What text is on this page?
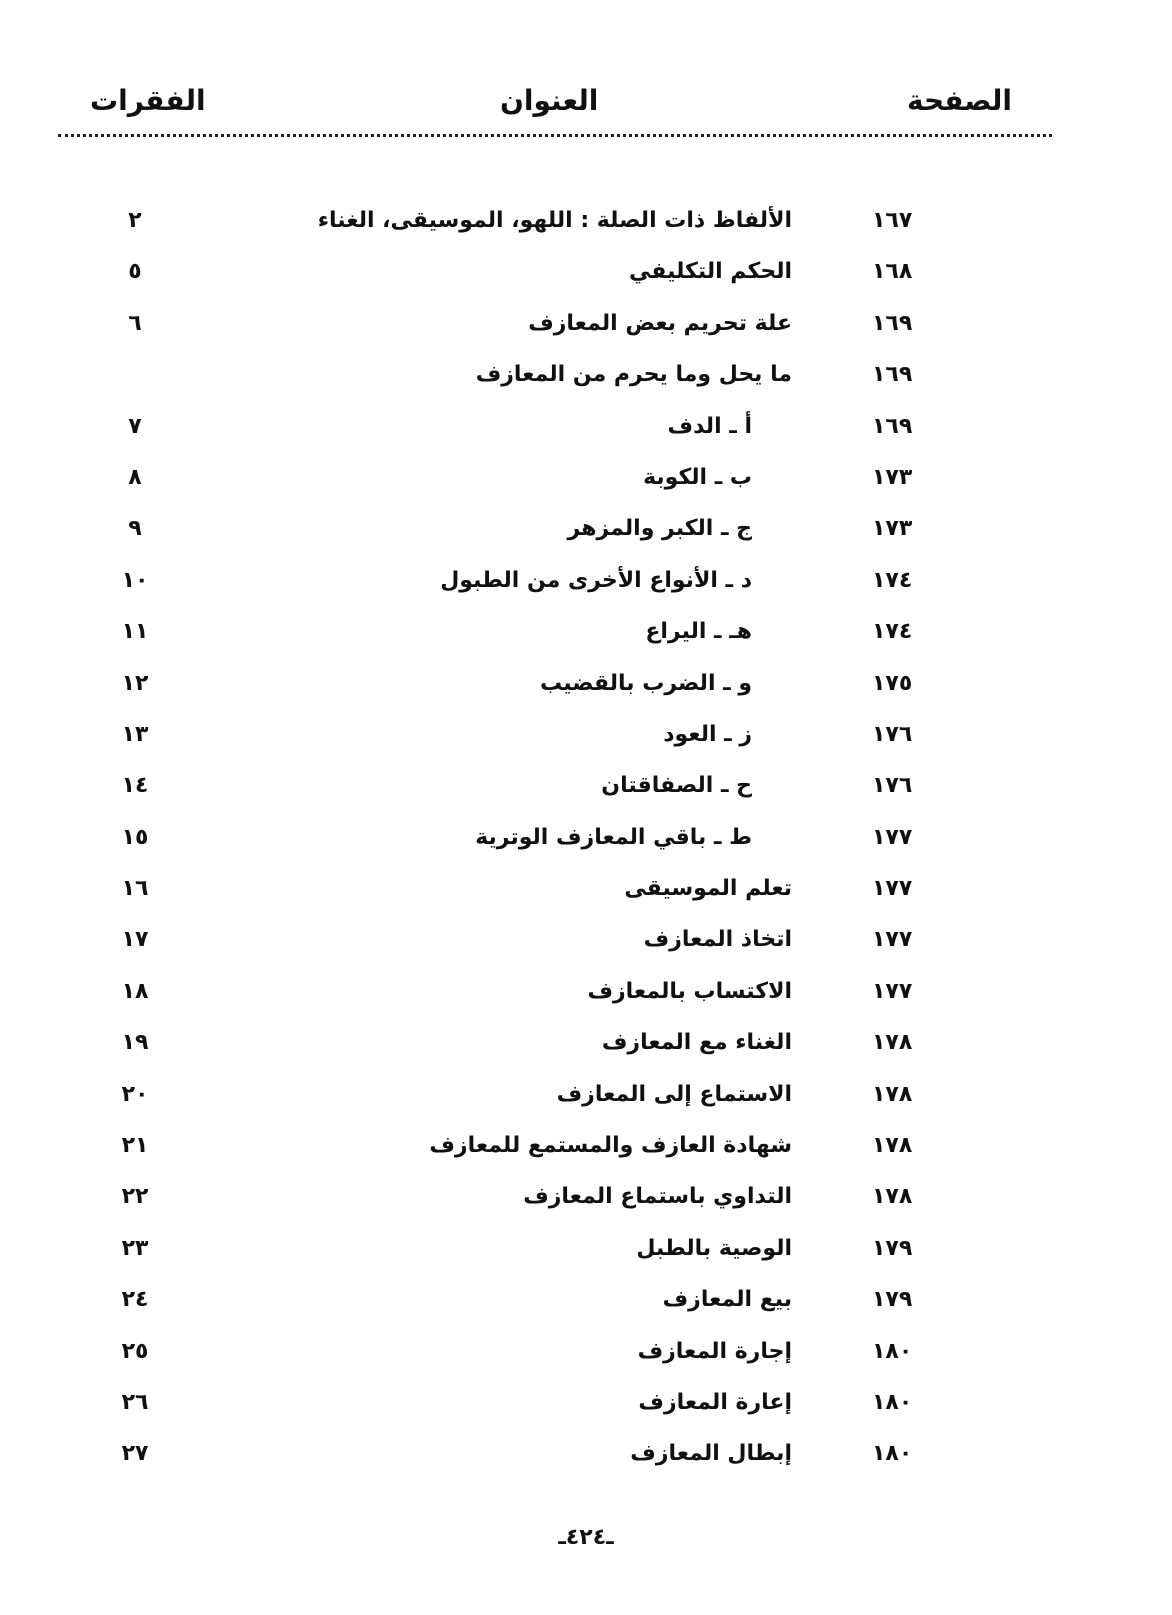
الصفحة
العنوان
الفقرات
١٦٧
الألفاظ ذات الصلة : اللهو، الموسيقى، الغناء
٢
١٦٨
الحكم التكليفي
٥
١٦٩
علة تحريم بعض المعازف
٦
١٦٩
ما يحل وما يحرم من المعازف
١٦٩
أ ـ الدف
٧
١٧٣
ب ـ الكوبة
٨
١٧٣
ج ـ الكبر والمزهر
٩
١٧٤
د ـ الأنواع الأخرى من الطبول
١٠
١٧٤
هـ ـ اليراع
١١
١٧٥
و ـ الضرب بالقضيب
١٢
١٧٦
ز ـ العود
١٣
١٧٦
ح ـ الصفاقتان
١٤
١٧٧
ط ـ باقي المعازف الوترية
١٥
١٧٧
تعلم الموسيقى
١٦
١٧٧
اتخاذ المعازف
١٧
١٧٧
الاكتساب بالمعازف
١٨
١٧٨
الغناء مع المعازف
١٩
١٧٨
الاستماع إلى المعازف
٢٠
١٧٨
شهادة العازف والمستمع للمعازف
٢١
١٧٨
التداوي باستماع المعازف
٢٢
١٧٩
الوصية بالطبل
٢٣
١٧٩
بيع المعازف
٢٤
١٨٠
إجارة المعازف
٢٥
١٨٠
إعارة المعازف
٢٦
١٨٠
إبطال المعازف
٢٧
ـ٤٢٤ـ
